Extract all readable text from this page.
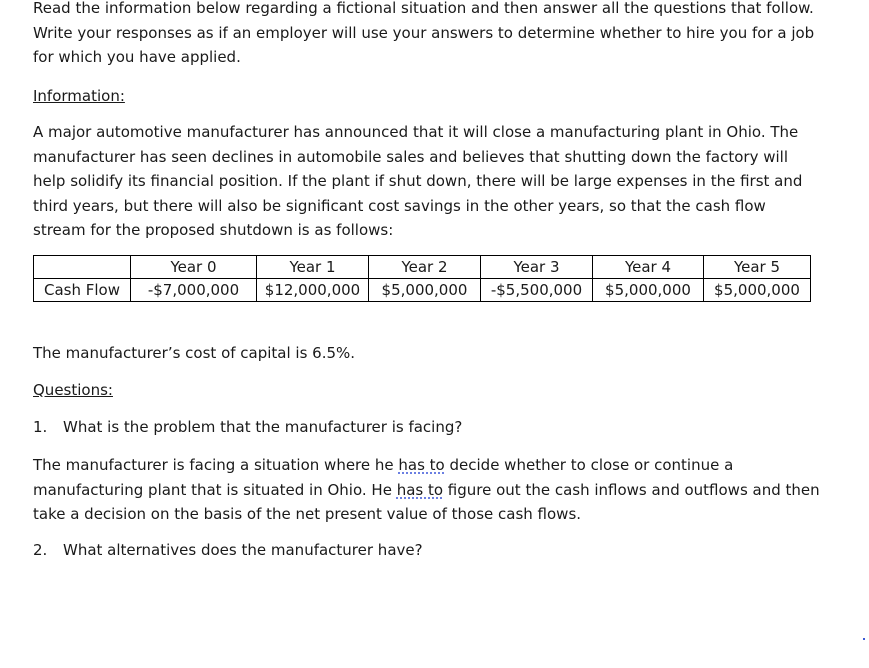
Read the information below regarding a fictional situation and then answer all the questions that follow. Write your responses as if an employer will use your answers to determine whether to hire you for a job for which you have applied.

Information:

A major automotive manufacturer has announced that it will close a manufacturing plant in Ohio. The manufacturer has seen declines in automobile sales and believes that shutting down the factory will help solidify its financial position. If the plant if shut down, there will be large expenses in the first and third years, but there will also be significant cost savings in the other years, so that the cash flow stream for the proposed shutdown is as follows:

	Year 0	Year 1	Year 2	Year 3	Year 4	Year 5
Cash Flow	-$7,000,000	$12,000,000	$5,000,000	-$5,500,000	$5,000,000	$5,000,000

The manufacturer’s cost of capital is 6.5%.

Questions:

1. What is the problem that the manufacturer is facing?

The manufacturer is facing a situation where he has to decide whether to close or continue a manufacturing plant that is situated in Ohio. He has to figure out the cash inflows and outflows and then take a decision on the basis of the net present value of those cash flows.

2. What alternatives does the manufacturer have?
